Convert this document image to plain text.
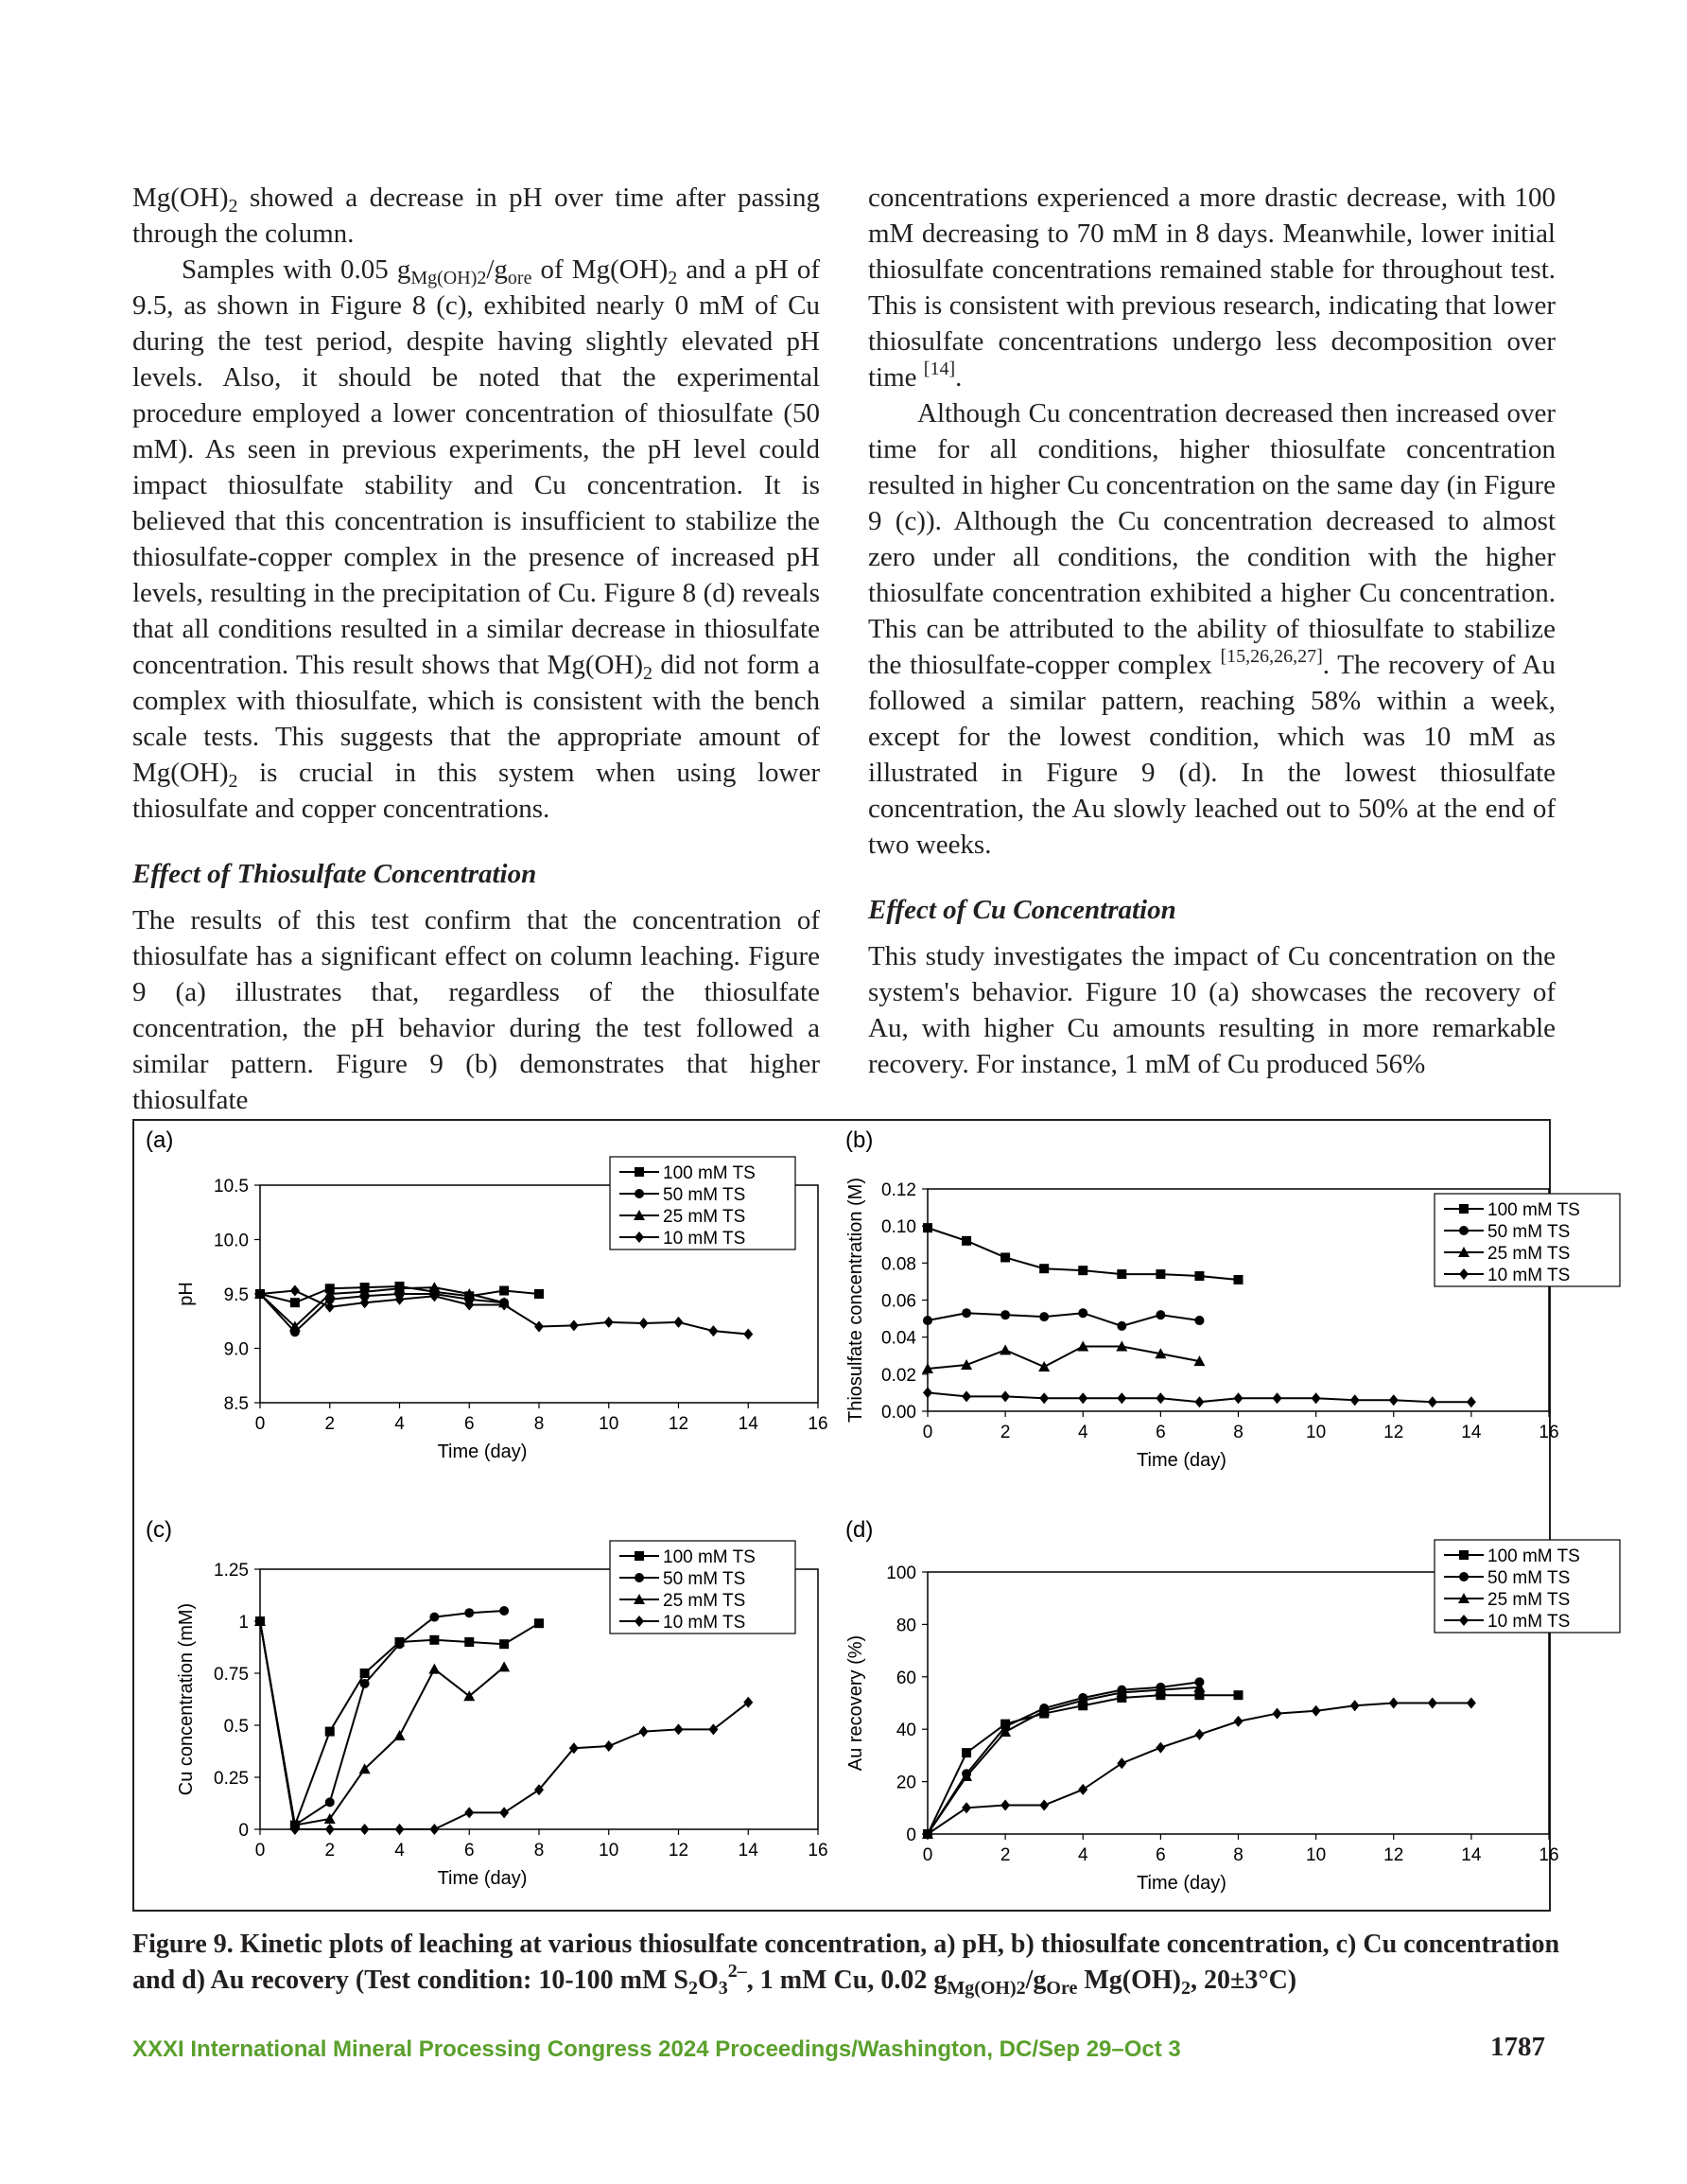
$Mg(OH)_2$ showed a decrease in pH over time after passing through the column.

Samples with 0.05 $g_{Mg(OH)2}/g_{ore}$ of $Mg(OH)_2$ and a pH of 9.5, as shown in Figure 8 (c), exhibited nearly 0 mM of Cu during the test period, despite having slightly elevated pH levels. Also, it should be noted that the experimental procedure employed a lower concentration of thiosulfate (50 mM). As seen in previous experiments, the pH level could impact thiosulfate stability and Cu concentration. It is believed that this concentration is insufficient to stabilize the thiosulfate-copper complex in the presence of increased pH levels, resulting in the precipitation of Cu. Figure 8 (d) reveals that all conditions resulted in a similar decrease in thiosulfate concentration. This result shows that $Mg(OH)_2$ did not form a complex with thiosulfate, which is consistent with the bench scale tests. This suggests that the appropriate amount of $Mg(OH)_2$ is crucial in this system when using lower thiosulfate and copper concentrations.

Effect of Thiosulfate Concentration

The results of this test confirm that the concentration of thiosulfate has a significant effect on column leaching. Figure 9 (a) illustrates that, regardless of the thiosulfate concentration, the pH behavior during the test followed a similar pattern. Figure 9 (b) demonstrates that higher thiosulfate

concentrations experienced a more drastic decrease, with 100 mM decreasing to 70 mM in 8 days. Meanwhile, lower initial thiosulfate concentrations remained stable for throughout test. This is consistent with previous research, indicating that lower thiosulfate concentrations undergo less decomposition over time [14].

Although Cu concentration decreased then increased over time for all conditions, higher thiosulfate concentration resulted in higher Cu concentration on the same day (in Figure 9 (c)). Although the Cu concentration decreased to almost zero under all conditions, the condition with the higher thiosulfate concentration exhibited a higher Cu concentration. This can be attributed to the ability of thiosulfate to stabilize the thiosulfate-copper complex [15,26,26,27]. The recovery of Au followed a similar pattern, reaching 58% within a week, except for the lowest condition, which was 10 mM as illustrated in Figure 9 (d). In the lowest thiosulfate concentration, the Au slowly leached out to 50% at the end of two weeks.

Effect of Cu Concentration

This study investigates the impact of Cu concentration on the system's behavior. Figure 10 (a) showcases the recovery of Au, with higher Cu amounts resulting in more remarkable recovery. For instance, 1 mM of Cu produced 56%

(a)
0	2	4	6	8	10	12	14	16
8.5
9.0
9.5
10.0
10.5
Time (day)
pH
100 mM TS
50 mM TS
25 mM TS
10 mM TS
(b)
0	2	4	6	8	10	12	14	16
0.00
0.02
0.04
0.06
0.08
0.10
0.12
Time (day)
Thiosulfate concentration (M)	100 mM TS
50 mM TS
25 mM TS
10 mM TS
(c)
0	2	4	6	8	10	12	14	16
0
0.25
0.5
0.75
1
1.25
Time (day)
Cu concentration (mM)
100 mM TS
50 mM TS
25 mM TS
10 mM TS
(d)
0	2	4	6	8	10	12	14	16
0
20
40
60
80
100
Time (day)
Au recovery (%)
100 mM TS
50 mM TS
25 mM TS
10 mM TS
Figure 9. Kinetic plots of leaching at various thiosulfate concentration, a) pH, b) thiosulfate concentration, c) Cu concentration and d) Au recovery (Test condition: 10-100 mM $S_2O_3^{2-}$, 1 mM Cu, 0.02 $g_{Mg(OH)2}/g_{Ore}$ $Mg(OH)_2$, 20±3°C)
XXXI International Mineral Processing Congress 2024 Proceedings/Washington, DC/Sep 29–Oct 3	1787
